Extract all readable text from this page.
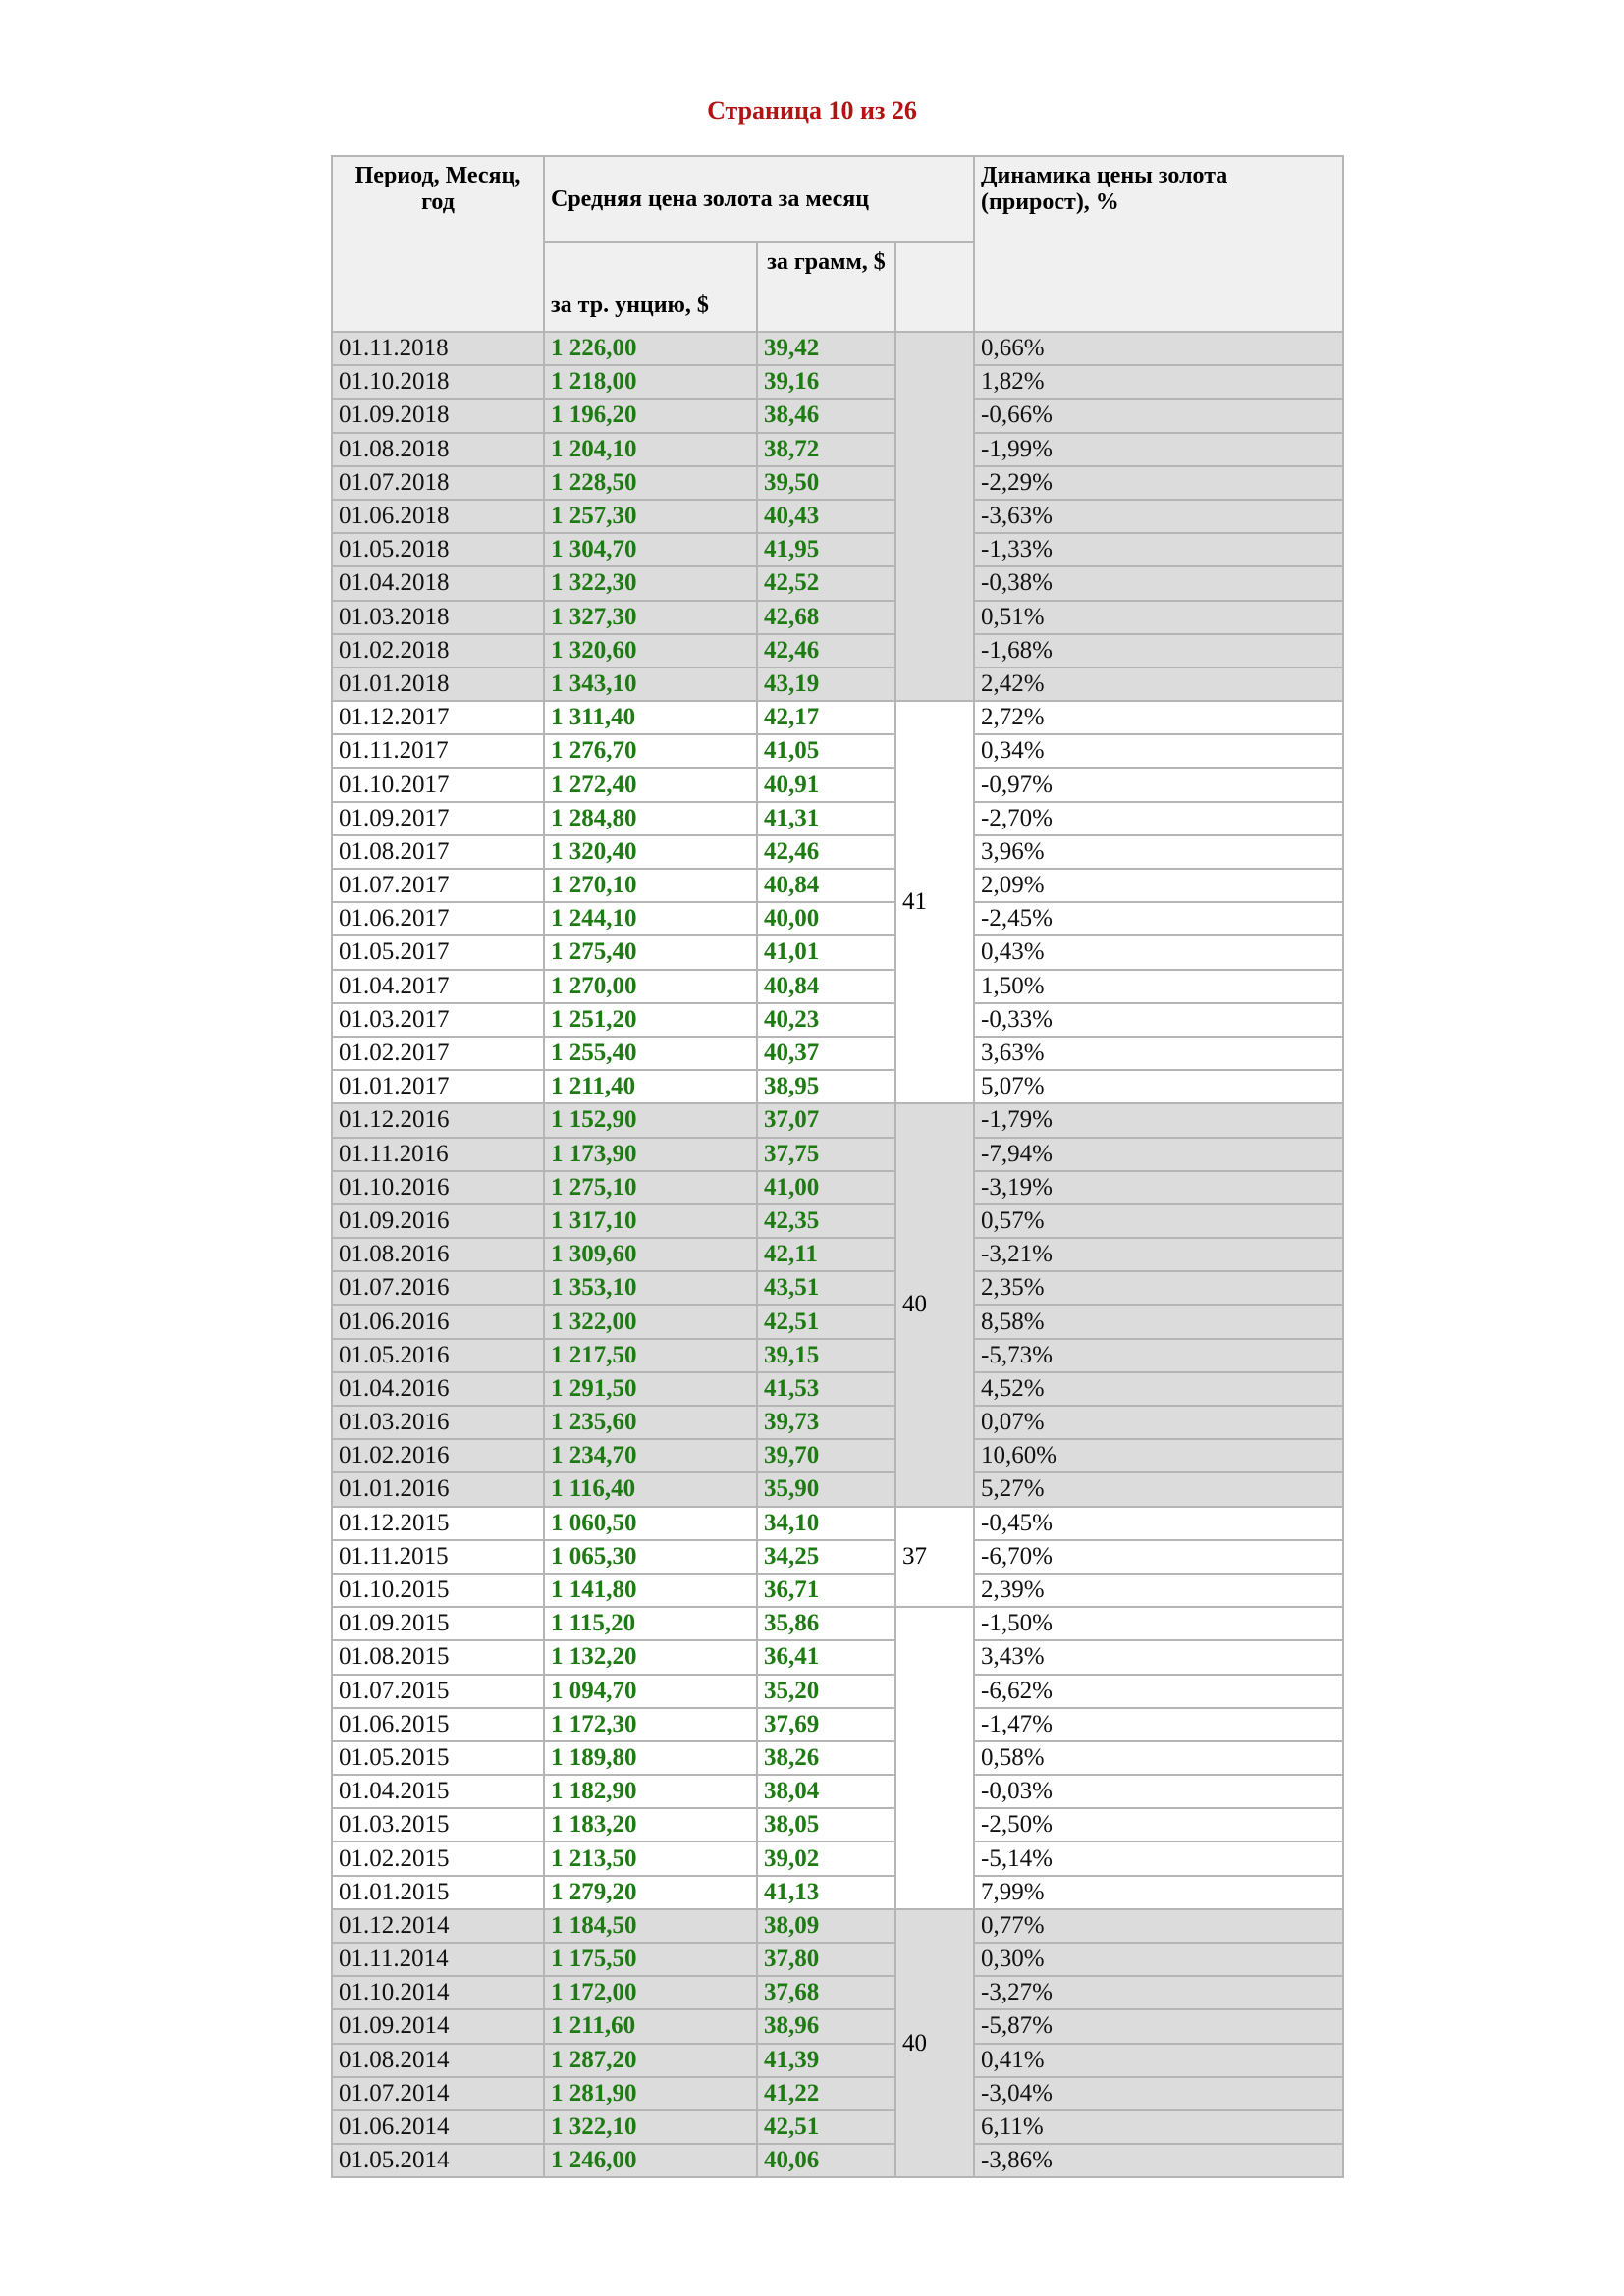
Страница 10 из 26
Период, Месяц, год	Средняя цена золота за месяц			Динамика цены золота (прирост), %
	за тр. унцию, $	за грамм, $		
01.11.2018	1 226,00	39,42		0,66%
01.10.2018	1 218,00	39,16		1,82%
01.09.2018	1 196,20	38,46		-0,66%
01.08.2018	1 204,10	38,72		-1,99%
01.07.2018	1 228,50	39,50		-2,29%
01.06.2018	1 257,30	40,43		-3,63%
01.05.2018	1 304,70	41,95		-1,33%
01.04.2018	1 322,30	42,52		-0,38%
01.03.2018	1 327,30	42,68		0,51%
01.02.2018	1 320,60	42,46		-1,68%
01.01.2018	1 343,10	43,19		2,42%
01.12.2017	1 311,40	42,17	41	2,72%
01.11.2017	1 276,70	41,05		0,34%
01.10.2017	1 272,40	40,91		-0,97%
01.09.2017	1 284,80	41,31		-2,70%
01.08.2017	1 320,40	42,46		3,96%
01.07.2017	1 270,10	40,84		2,09%
01.06.2017	1 244,10	40,00		-2,45%
01.05.2017	1 275,40	41,01		0,43%
01.04.2017	1 270,00	40,84		1,50%
01.03.2017	1 251,20	40,23		-0,33%
01.02.2017	1 255,40	40,37		3,63%
01.01.2017	1 211,40	38,95		5,07%
01.12.2016	1 152,90	37,07	40	-1,79%
01.11.2016	1 173,90	37,75		-7,94%
01.10.2016	1 275,10	41,00		-3,19%
01.09.2016	1 317,10	42,35		0,57%
01.08.2016	1 309,60	42,11		-3,21%
01.07.2016	1 353,10	43,51		2,35%
01.06.2016	1 322,00	42,51		8,58%
01.05.2016	1 217,50	39,15		-5,73%
01.04.2016	1 291,50	41,53		4,52%
01.03.2016	1 235,60	39,73		0,07%
01.02.2016	1 234,70	39,70		10,60%
01.01.2016	1 116,40	35,90		5,27%
01.12.2015	1 060,50	34,10	37	-0,45%
01.11.2015	1 065,30	34,25		-6,70%
01.10.2015	1 141,80	36,71		2,39%
01.09.2015	1 115,20	35,86		-1,50%
01.08.2015	1 132,20	36,41		3,43%
01.07.2015	1 094,70	35,20		-6,62%
01.06.2015	1 172,30	37,69		-1,47%
01.05.2015	1 189,80	38,26		0,58%
01.04.2015	1 182,90	38,04		-0,03%
01.03.2015	1 183,20	38,05		-2,50%
01.02.2015	1 213,50	39,02		-5,14%
01.01.2015	1 279,20	41,13		7,99%
01.12.2014	1 184,50	38,09	40	0,77%
01.11.2014	1 175,50	37,80		0,30%
01.10.2014	1 172,00	37,68		-3,27%
01.09.2014	1 211,60	38,96		-5,87%
01.08.2014	1 287,20	41,39		0,41%
01.07.2014	1 281,90	41,22		-3,04%
01.06.2014	1 322,10	42,51		6,11%
01.05.2014	1 246,00	40,06		-3,86%
